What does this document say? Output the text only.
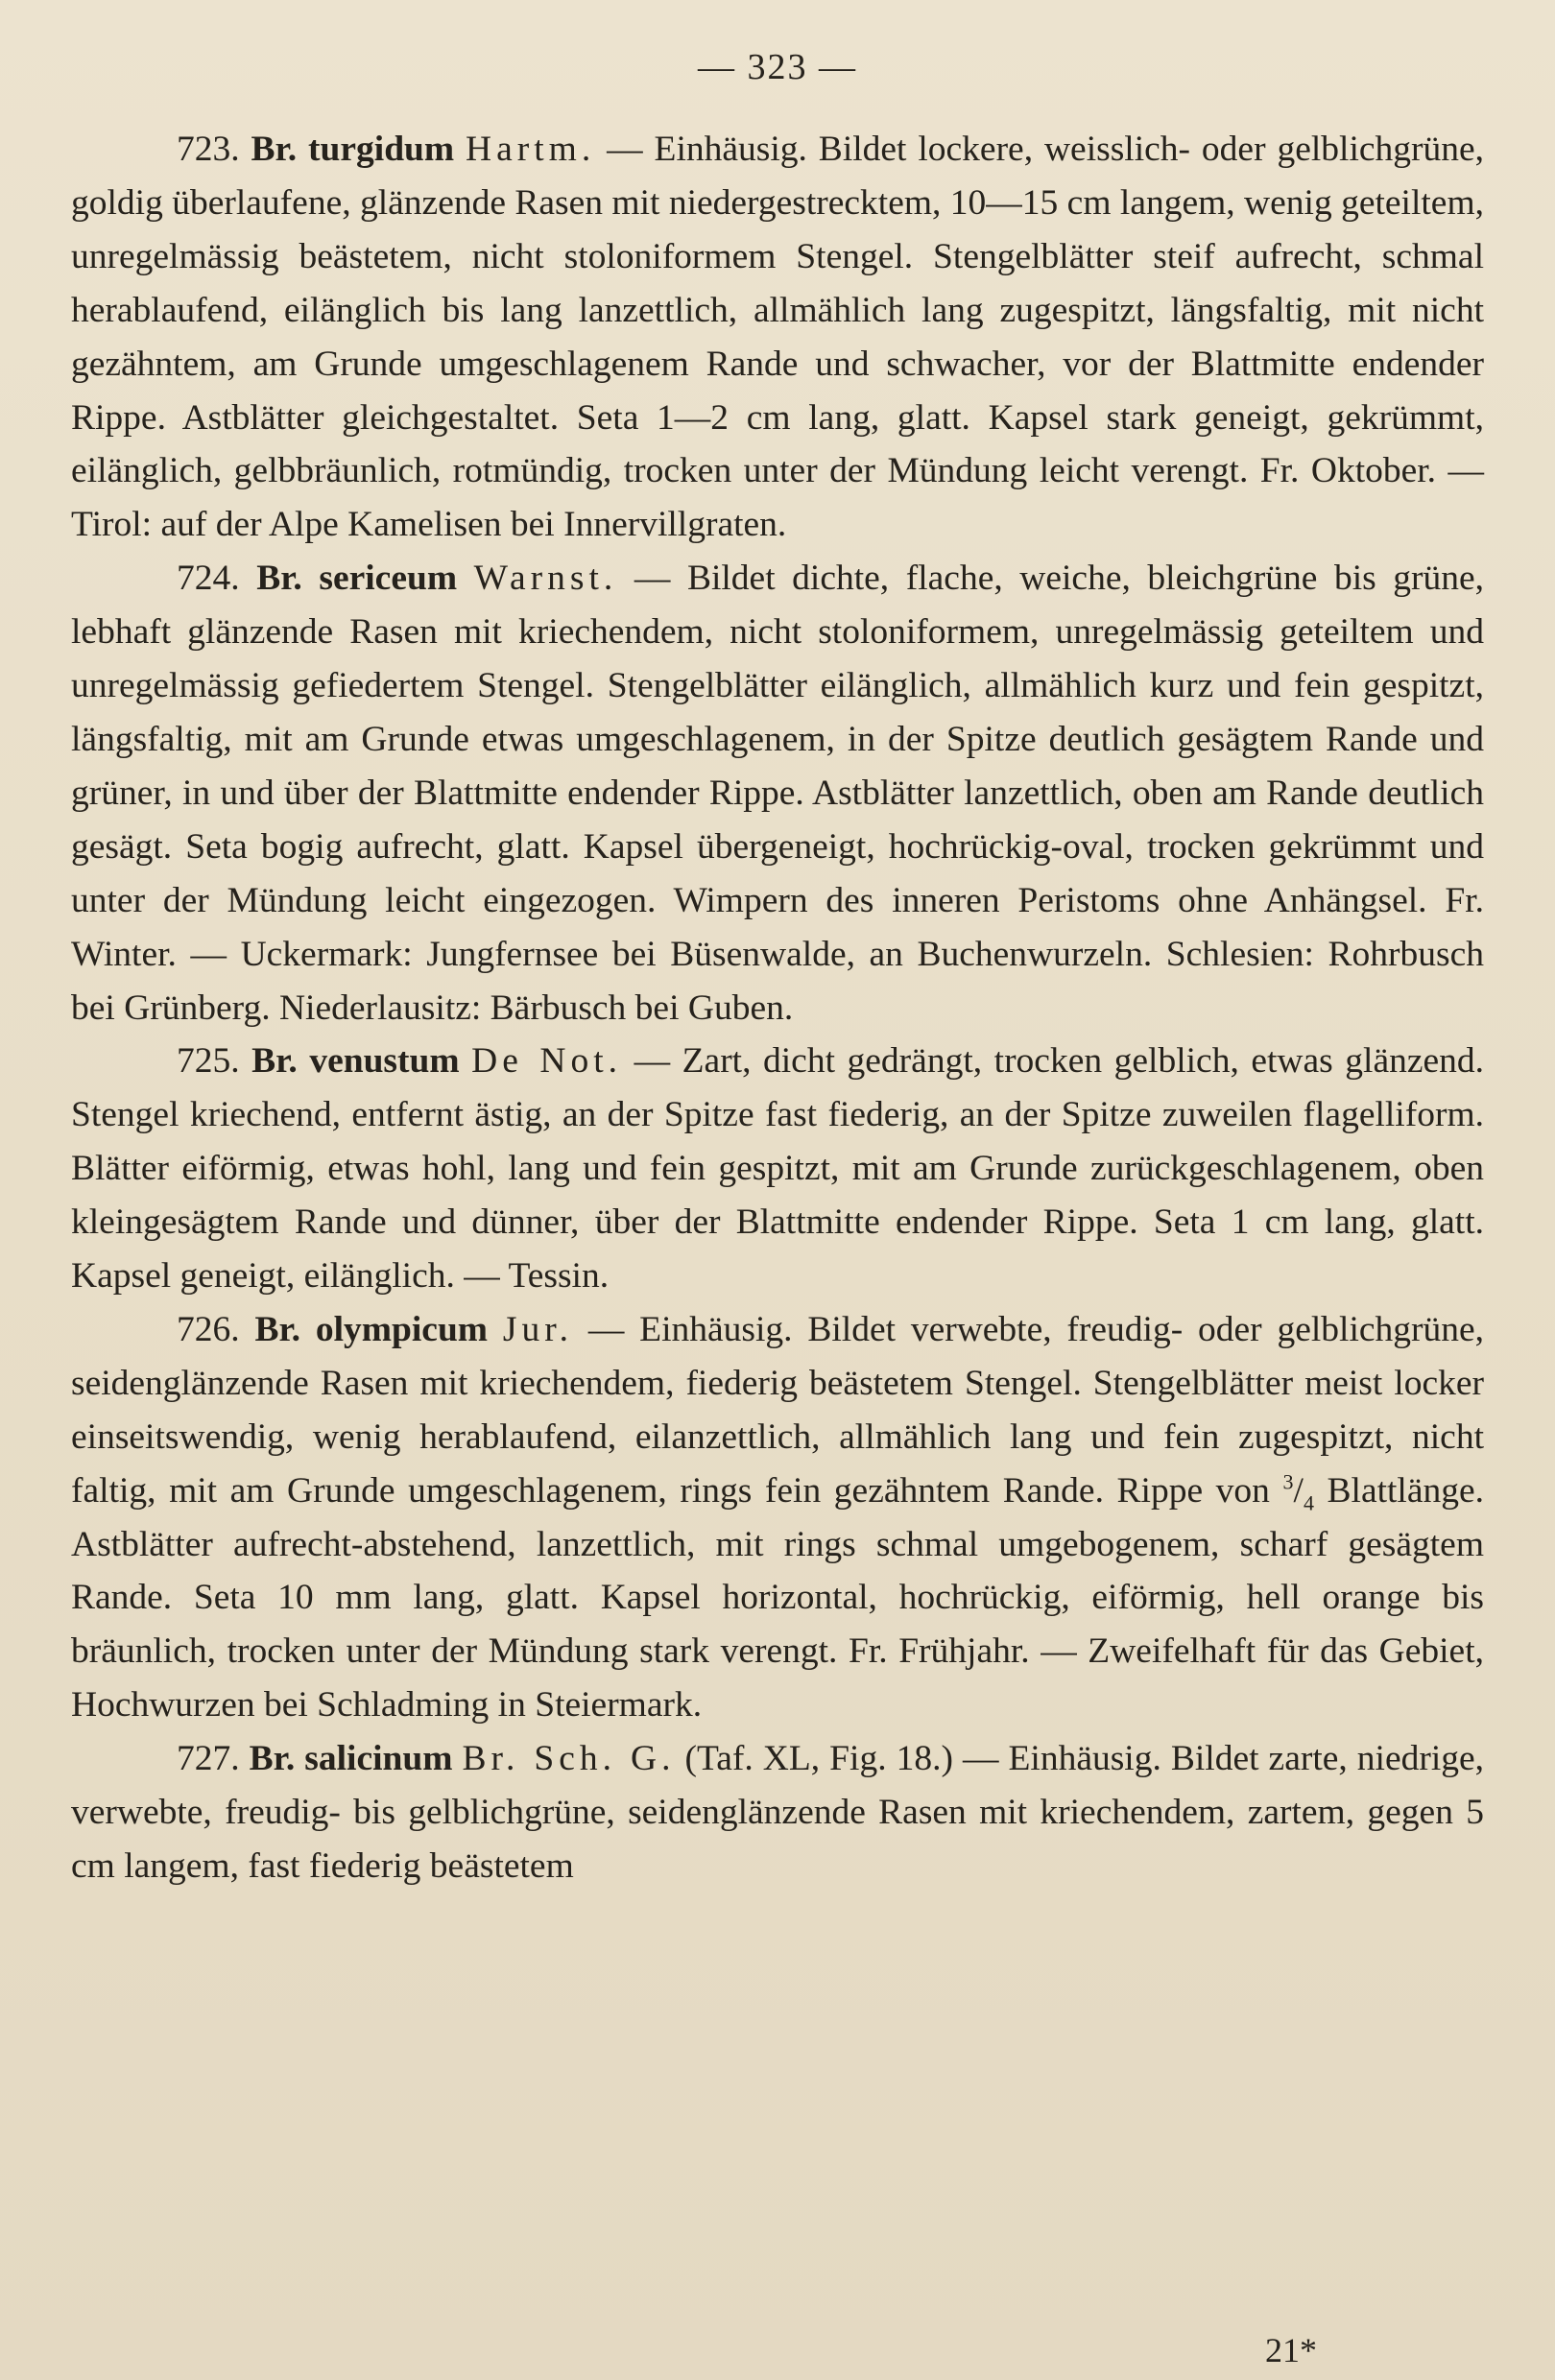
— 323 —

723. Br. turgidum Hartm. — Einhäusig. Bildet lockere, weisslich- oder gelblichgrüne, goldig überlaufene, glänzende Rasen mit niedergestrecktem, 10—15 cm langem, wenig geteiltem, unregelmässig beästetem, nicht stoloniformem Stengel. Stengelblätter steif aufrecht, schmal herablaufend, eilänglich bis lang lanzettlich, allmählich lang zugespitzt, längsfaltig, mit nicht gezähntem, am Grunde umgeschlagenem Rande und schwacher, vor der Blattmitte endender Rippe. Astblätter gleichgestaltet. Seta 1—2 cm lang, glatt. Kapsel stark geneigt, gekrümmt, eilänglich, gelbbräunlich, rotmündig, trocken unter der Mündung leicht verengt. Fr. Oktober. — Tirol: auf der Alpe Kamelisen bei Innervillgraten.

724. Br. sericeum Warnst. — Bildet dichte, flache, weiche, bleichgrüne bis grüne, lebhaft glänzende Rasen mit kriechendem, nicht stoloniformem, unregelmässig geteiltem und unregelmässig gefiedertem Stengel. Stengelblätter eilänglich, allmählich kurz und fein gespitzt, längsfaltig, mit am Grunde etwas umgeschlagenem, in der Spitze deutlich gesägtem Rande und grüner, in und über der Blattmitte endender Rippe. Astblätter lanzettlich, oben am Rande deutlich gesägt. Seta bogig aufrecht, glatt. Kapsel übergeneigt, hochrückig-oval, trocken gekrümmt und unter der Mündung leicht eingezogen. Wimpern des inneren Peristoms ohne Anhängsel. Fr. Winter. — Uckermark: Jungfernsee bei Büsenwalde, an Buchenwurzeln. Schlesien: Rohrbusch bei Grünberg. Niederlausitz: Bärbusch bei Guben.

725. Br. venustum De Not. — Zart, dicht gedrängt, trocken gelblich, etwas glänzend. Stengel kriechend, entfernt ästig, an der Spitze fast fiederig, an der Spitze zuweilen flagelliform. Blätter eiförmig, etwas hohl, lang und fein gespitzt, mit am Grunde zurückgeschlagenem, oben kleingesägtem Rande und dünner, über der Blattmitte endender Rippe. Seta 1 cm lang, glatt. Kapsel geneigt, eilänglich. — Tessin.

726. Br. olympicum Jur. — Einhäusig. Bildet verwebte, freudig- oder gelblichgrüne, seidenglänzende Rasen mit kriechendem, fiederig beästetem Stengel. Stengelblätter meist locker einseitswendig, wenig herablaufend, eilanzettlich, allmählich lang und fein zugespitzt, nicht faltig, mit am Grunde umgeschlagenem, rings fein gezähntem Rande. Rippe von $^3/_4$ Blattlänge. Astblätter aufrecht-abstehend, lanzettlich, mit rings schmal umgebogenem, scharf gesägtem Rande. Seta 10 mm lang, glatt. Kapsel horizontal, hochrückig, eiförmig, hell orange bis bräunlich, trocken unter der Mündung stark verengt. Fr. Frühjahr. — Zweifelhaft für das Gebiet, Hochwurzen bei Schladming in Steiermark.

727. Br. salicinum Br. Sch. G. (Taf. XL, Fig. 18.) — Einhäusig. Bildet zarte, niedrige, verwebte, freudig- bis gelblichgrüne, seidenglänzende Rasen mit kriechendem, zartem, gegen 5 cm langem, fast fiederig beästetem

21*
